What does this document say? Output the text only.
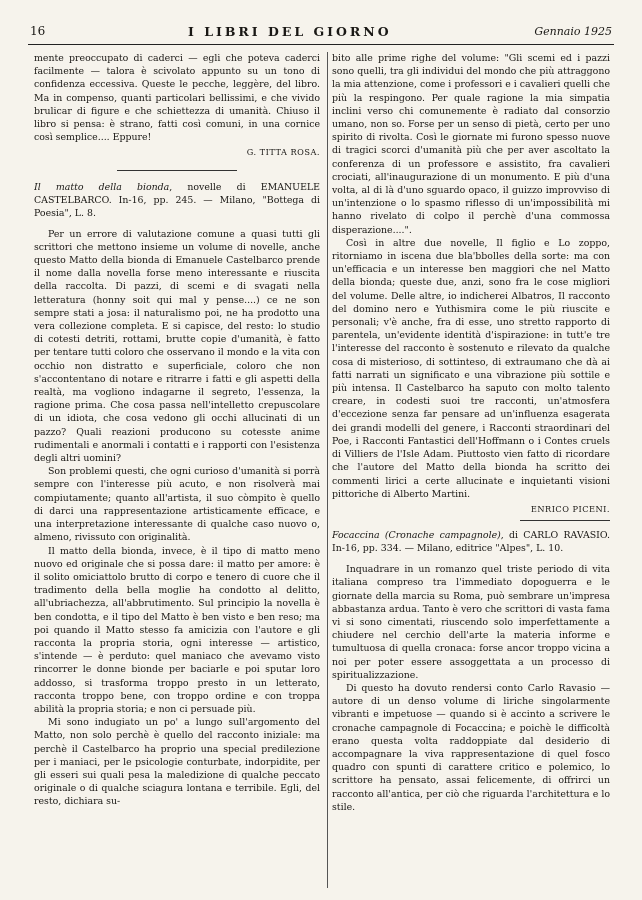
16	I LIBRI DEL GIORNO	Gennaio 1925

mente preoccupato di caderci — egli che poteva caderci facilmente — talora è scivolato appunto su un tono di confidenza eccessiva. Queste le pecche, leggère, del libro. Ma in compenso, quanti particolari bellissimi, e che vivido brulicar di figure e che schiettezza di umanità. Chiuso il libro si pensa: è strano, fatti così comuni, in una cornice così semplice.... Eppure!

G. TITTA ROSA.

Il matto della bionda, novelle di EMANUELE CASTELBARCO. In-16, pp. 245. — Milano, "Bottega di Poesia", L. 8.

Per un errore di valutazione comune a quasi tutti gli scrittori che mettono insieme un volume di novelle, anche questo Matto della bionda di Emanuele Castelbarco prende il nome dalla novella forse meno interessante e riuscita della raccolta. Di pazzi, di scemi e di svagati nella letteratura (honny soit qui mal y pense....) ce ne son sempre stati a josa: il naturalismo poi, ne ha prodotto una vera collezione completa. E si capisce, del resto: lo studio di cotesti detriti, rottami, brutte copie d'umanità, è fatto per tentare tutti coloro che osservano il mondo e la vita con occhio non distratto e superficiale, coloro che non s'accontentano di notare e ritrarre i fatti e gli aspetti della realtà, ma vogliono indagarne il segreto, l'essenza, la ragione prima. Che cosa passa nell'intelletto crepuscolare di un idiota, che cosa vedono gli occhi allucinati di un pazzo? Quali reazioni producono su cotesste anime rudimentali e anormali i contatti e i rapporti con l'esistenza degli altri uomini?

Son problemi questi, che ogni curioso d'umanità si porrà sempre con l'interesse più acuto, e non risolverà mai compiutamente; quanto all'artista, il suo còmpito è quello di darci una rappresentazione artisticamente efficace, e una interpretazione interessante di qualche caso nuovo o, almeno, rivissuto con originalità.

Il matto della bionda, invece, è il tipo di matto meno nuovo ed originale che si possa dare: il matto per amore: è il solito omiciattolo brutto di corpo e tenero di cuore che il tradimento della bella moglie ha condotto al delitto, all'ubriachezza, all'abbrutimento. Sul principio la novella è ben condotta, e il tipo del Matto è ben visto e ben reso; ma poi quando il Matto stesso fa amicizia con l'autore e gli racconta la propria storia, ogni interesse — artistico, s'intende — è perduto: quel maniaco che avevamo visto rincorrer le donne bionde per baciarle e poi sputar loro addosso, si trasforma troppo presto in un letterato, racconta troppo bene, con troppo ordine e con troppa abilità la propria storia; e non ci persuade più.

Mi sono indugiato un po' a lungo sull'argomento del Matto, non solo perchè è quello del racconto iniziale: ma perchè il Castelbarco ha proprio una special predilezione per i maniaci, per le psicologie conturbate, indorpidite, per gli esseri sui quali pesa la maledizione di qualche peccato originale o di qualche sciagura lontana e terribile. Egli, del resto, dichiara su-

bito alle prime righe del volume: "Gli scemi ed i pazzi sono quelli, tra gli individui del mondo che più attraggono la mia attenzione, come i professori e i cavalieri quelli che più la respingono. Per quale ragione la mia simpatia inclini verso chi comunemente è radiato dal consorzio umano, non so. Forse per un senso di pietà, certo per uno spirito di rivolta. Così le giornate mi furono spesso nuove di tragici scorci d'umanità più che per aver ascoltato la conferenza di un professore e assistito, fra cavalieri crociati, all'inaugurazione di un monumento. E più d'una volta, al di là d'uno sguardo opaco, il guizzo improvviso di un'intenzione o lo spasmo riflesso di un'impossibilità mi hanno rivelato di colpo il perchè d'una commossa disperazione....".

Così in altre due novelle, Il figlio e Lo zoppo, ritorniamo in iscena due bla'bbolles della sorte: ma con un'efficacia e un interesse ben maggiori che nel Matto della bionda; queste due, anzi, sono fra le cose migliori del volume. Delle altre, io indicherei Albatros, Il racconto del domino nero e Yuthismira come le più riuscite e personali; v'è anche, fra di esse, uno stretto rapporto di parentela, un'evidente identità d'ispirazione: in tutt'e tre l'interesse del racconto è sostenuto e rilevato da qualche cosa di misterioso, di sottinteso, di extraumano che dà ai fatti narrati un significato e una vibrazione più sottile e più intensa. Il Castelbarco ha saputo con molto talento creare, in codesti suoi tre racconti, un'atmosfera d'eccezione senza far pensare ad un'influenza esagerata dei grandi modelli del genere, i Racconti straordinari del Poe, i Racconti Fantastici dell'Hoffmann o i Contes cruels di Villiers de l'Isle Adam. Piuttosto vien fatto di ricordare che l'autore del Matto della bionda ha scritto dei commenti lirici a certe allucinate e inquietanti visioni pittoriche di Alberto Martini.

ENRICO PICENI.

Focaccina (Cronache campagnole), di CARLO RAVASIO. In-16, pp. 334. — Milano, editrice "Alpes", L. 10.

Inquadrare in un romanzo quel triste periodo di vita italiana compreso tra l'immediato dopoguerra e le giornate della marcia su Roma, può sembrare un'impresa abbastanza ardua. Tanto è vero che scrittori di vasta fama vi si sono cimentati, riuscendo solo imperfettamente a chiudere nel cerchio dell'arte la materia informe e tumultuosa di quella cronaca: forse ancor troppo vicina a noi per poter essere assoggettata a un processo di spiritualizzazione.

Di questo ha dovuto rendersi conto Carlo Ravasio — autore di un denso volume di liriche singolarmente vibranti e impetuose — quando si è accinto a scrivere le cronache campagnole di Focaccina; e poichè le difficoltà erano questa volta raddoppiate dal desiderio di accompagnare la viva rappresentazione di quel fosco quadro con spunti di carattere critico e polemico, lo scrittore ha pensato, assai felicemente, di offrirci un racconto all'antica, per ciò che riguarda l'architettura e lo stile.
